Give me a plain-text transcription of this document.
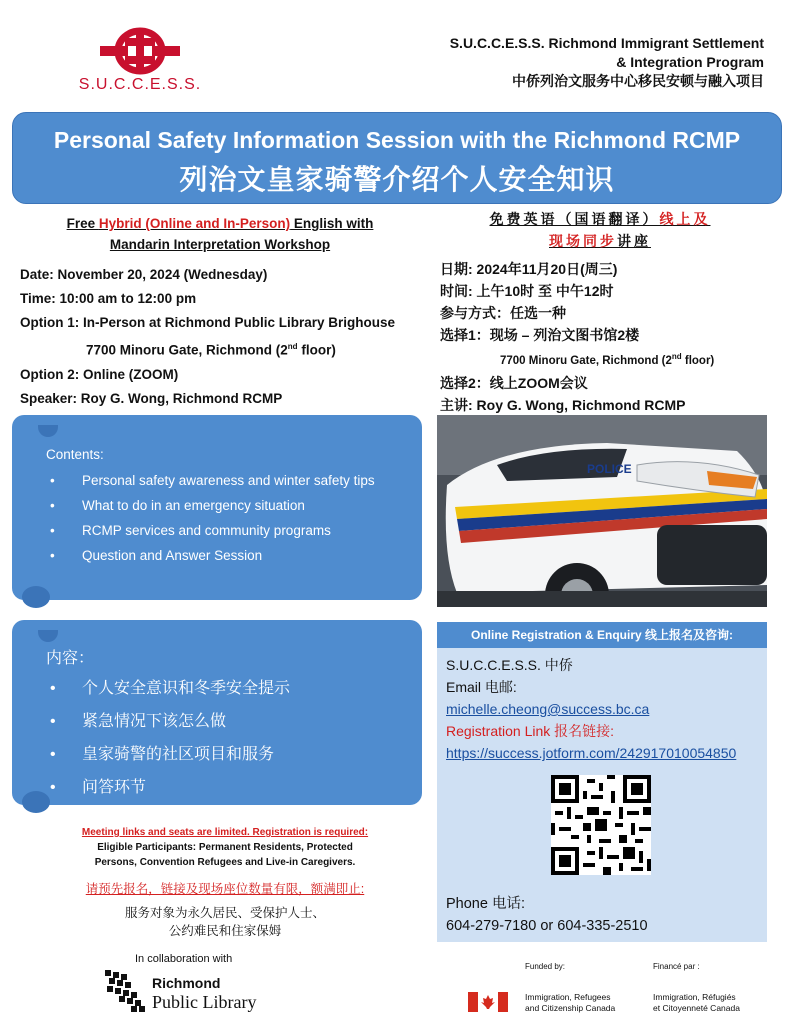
S.U.C.C.E.S.S.
S.U.C.C.E.S.S. Richmond Immigrant Settlement
& Integration Program
中侨列治文服务中心移民安顿与融入项目
Personal Safety Information Session with the Richmond RCMP
列治文皇家骑警介绍个人安全知识
Free Hybrid (Online and In-Person) English with
Mandarin Interpretation Workshop
免费英语（国语翻译）线上及
现场同步讲座
Date: November 20, 2024 (Wednesday)
Time: 10:00 am to 12:00 pm
Option 1: In-Person at Richmond Public Library Brighouse
7700 Minoru Gate, Richmond (2nd floor)
Option 2: Online (ZOOM)
Speaker: Roy G. Wong, Richmond RCMP
日期: 2024年11月20日(周三)
时间: 上午10时 至 中午12时
参与方式：任选一种
选择1：现场 – 列治文图书馆2楼
7700 Minoru Gate, Richmond (2nd floor)
选择2：线上ZOOM会议
主讲: Roy G. Wong, Richmond RCMP
Contents:
• Personal safety awareness and winter safety tips
• What to do in an emergency situation
• RCMP services and community programs
• Question and Answer Session
内容：
• 个人安全意识和冬季安全提示
• 紧急情况下该怎么做
• 皇家骑警的社区项目和服务
• 问答环节
POLICE
Online Registration & Enquiry 线上报名及咨询:
S.U.C.C.E.S.S. 中侨
Email 电邮:
michelle.cheong@success.bc.ca
Registration Link 报名链接:
https://success.jotform.com/242917010054850
Phone 电话:
604-279-7180 or 604-335-2510
Meeting links and seats are limited. Registration is required:
Eligible Participants: Permanent Residents, Protected
Persons, Convention Refugees and Live-in Caregivers.
请预先报名，链接及现场座位数量有限，额满即止:
服务对象为永久居民、受保护人士、
公约难民和住家保姆
In collaboration with
Richmond
Public Library
Funded by:	Financé par :
Immigration, Refugees
and Citizenship Canada
Immigration, Réfugiés
et Citoyenneté Canada
